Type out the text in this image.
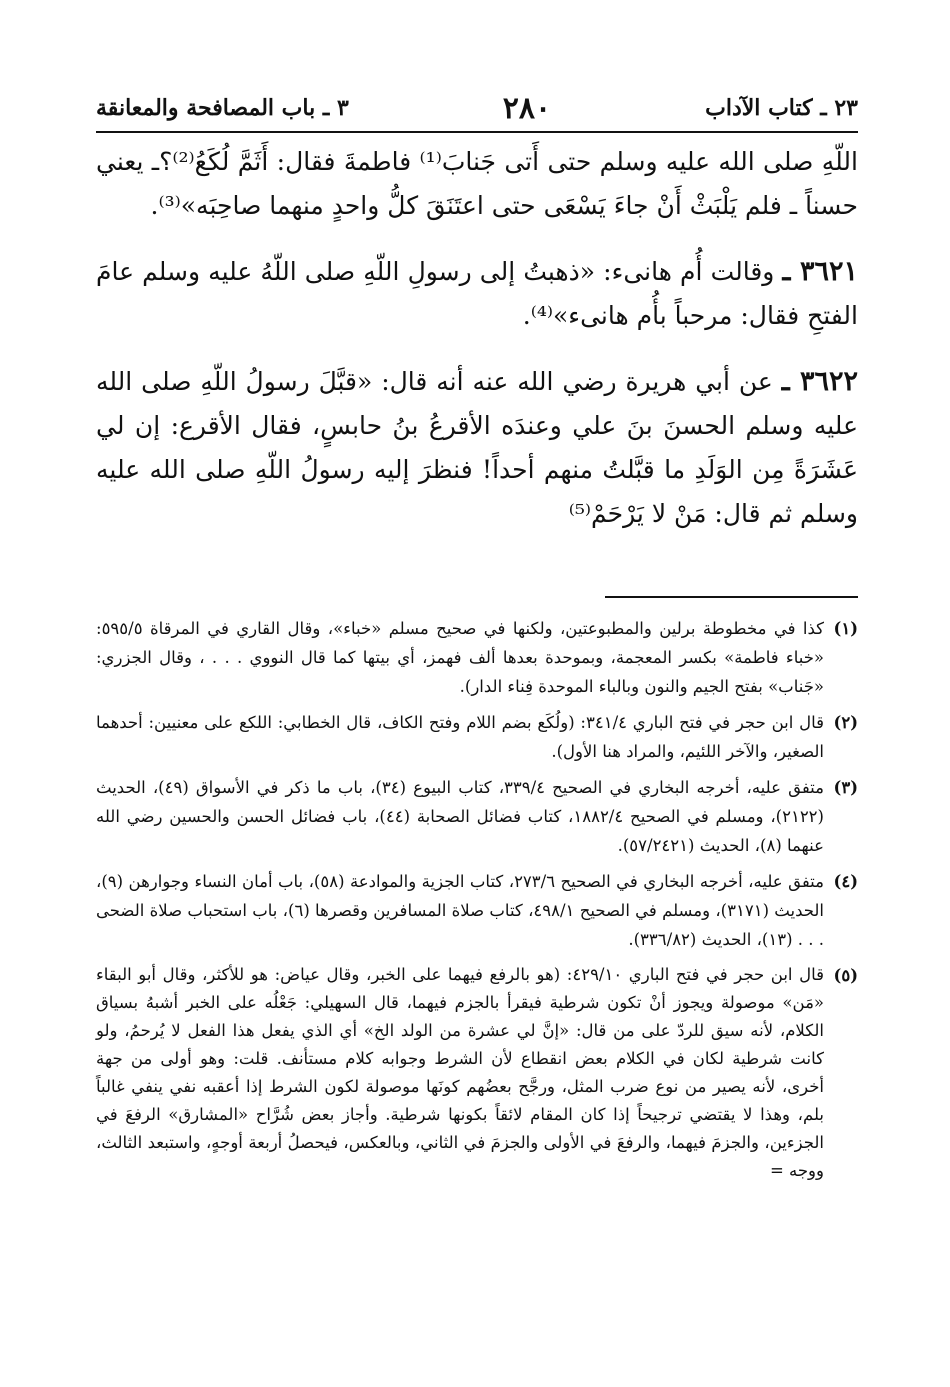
٢٣ ـ كتاب الآداب
٢٨٠
٣ ـ باب المصافحة والمعانقة

اللّهِ صلى الله عليه وسلم حتى أَتى جَنابَ⁽¹⁾ فاطمةَ فقال: أَثَمَّ لُكَعُ⁽²⁾؟ـ يعني حسناً ـ فلم يَلْبَثْ أَنْ جاءَ يَسْعَى حتى اعتَنَقَ كلُّ واحدٍ منهما صاحِبَه»⁽³⁾.

٣٦٢١ ـ وقالت أُم هانىء: «ذهبتُ إلى رسولِ اللّهِ صلى اللّهُ عليه وسلم عامَ الفتحِ فقال: مرحباً بأُم هانىء»⁽⁴⁾.

٣٦٢٢ ـ عن أبي هريرة رضي الله عنه أنه قال: «قبَّلَ رسولُ اللّهِ صلى الله عليه وسلم الحسنَ بنَ علي وعندَه الأقرعُ بنُ حابسٍ، فقال الأقرع: إن لي عَشَرَةً مِن الوَلَدِ ما قبَّلتُ منهم أحداً! فنظرَ إليه رسولُ اللّهِ صلى الله عليه وسلم ثم قال: مَنْ لا يَرْحَمْ⁽⁵⁾

(١)
كذا في مخطوطة برلين والمطبوعتين، ولكنها في صحيح مسلم «خباء»، وقال القاري في المرقاة ٥٩٥/٥: «خباء فاطمة» بكسر المعجمة، وبموحدة بعدها ألف فهمز، أي بيتها كما قال النووي . . . ، وقال الجزري: «جَناب» بفتح الجيم والنون وبالباء الموحدة فِناء الدار).
(٢)
قال ابن حجر في فتح الباري ٣٤١/٤: (ولُكَع بضم اللام وفتح الكاف، قال الخطابي: اللكع على معنيين: أحدهما الصغير، والآخر اللئيم، والمراد هنا الأول).
(٣)
متفق عليه، أخرجه البخاري في الصحيح ٣٣٩/٤، كتاب البيوع (٣٤)، باب ما ذكر في الأسواق (٤٩)، الحديث (٢١٢٢)، ومسلم في الصحيح ١٨٨٢/٤، كتاب فضائل الصحابة (٤٤)، باب فضائل الحسن والحسين رضي الله عنهما (٨)، الحديث (٥٧/٢٤٢١).
(٤)
متفق عليه، أخرجه البخاري في الصحيح ٢٧٣/٦، كتاب الجزية والموادعة (٥٨)، باب أمان النساء وجوارهن (٩)، الحديث (٣١٧١)، ومسلم في الصحيح ٤٩٨/١، كتاب صلاة المسافرين وقصرها (٦)، باب استحباب صلاة الضحى . . . (١٣)، الحديث (٣٣٦/٨٢).
(٥)
قال ابن حجر في فتح الباري ٤٢٩/١٠: (هو بالرفع فيهما على الخبر، وقال عياض: هو للأكثر، وقال أبو البقاء «مَن» موصولة ويجوز أنْ تكون شرطية فيقرأ بالجزم فيهما، قال السهيلي: جَعْلُه على الخبر أشبهُ بسياق الكلام، لأنه سيق للردّ على من قال: «إنَّ لي عشرة من الولد الخ» أي الذي يفعل هذا الفعل لا يُرحمُ، ولو كانت شرطية لكان في الكلام بعض انقطاع لأن الشرط وجوابه كلام مستأنف. قلت: وهو أولى من جهة أخرى، لأنه يصير من نوع ضرب المثل، ورجَّح بعضُهم كونَها موصولة لكون الشرط إذا أعقبه نفي ينفي غالباً بلم، وهذا لا يقتضي ترجيحاً إذا كان المقام لائقاً بكونها شرطية. وأجاز بعض شُرَّاح «المشارق» الرفعَ في الجزءين، والجزمَ فيهما، والرفعَ في الأولى والجزمَ في الثاني، وبالعكس، فيحصلُ أربعة أوجهٍ، واستبعد الثالث، ووجه =
